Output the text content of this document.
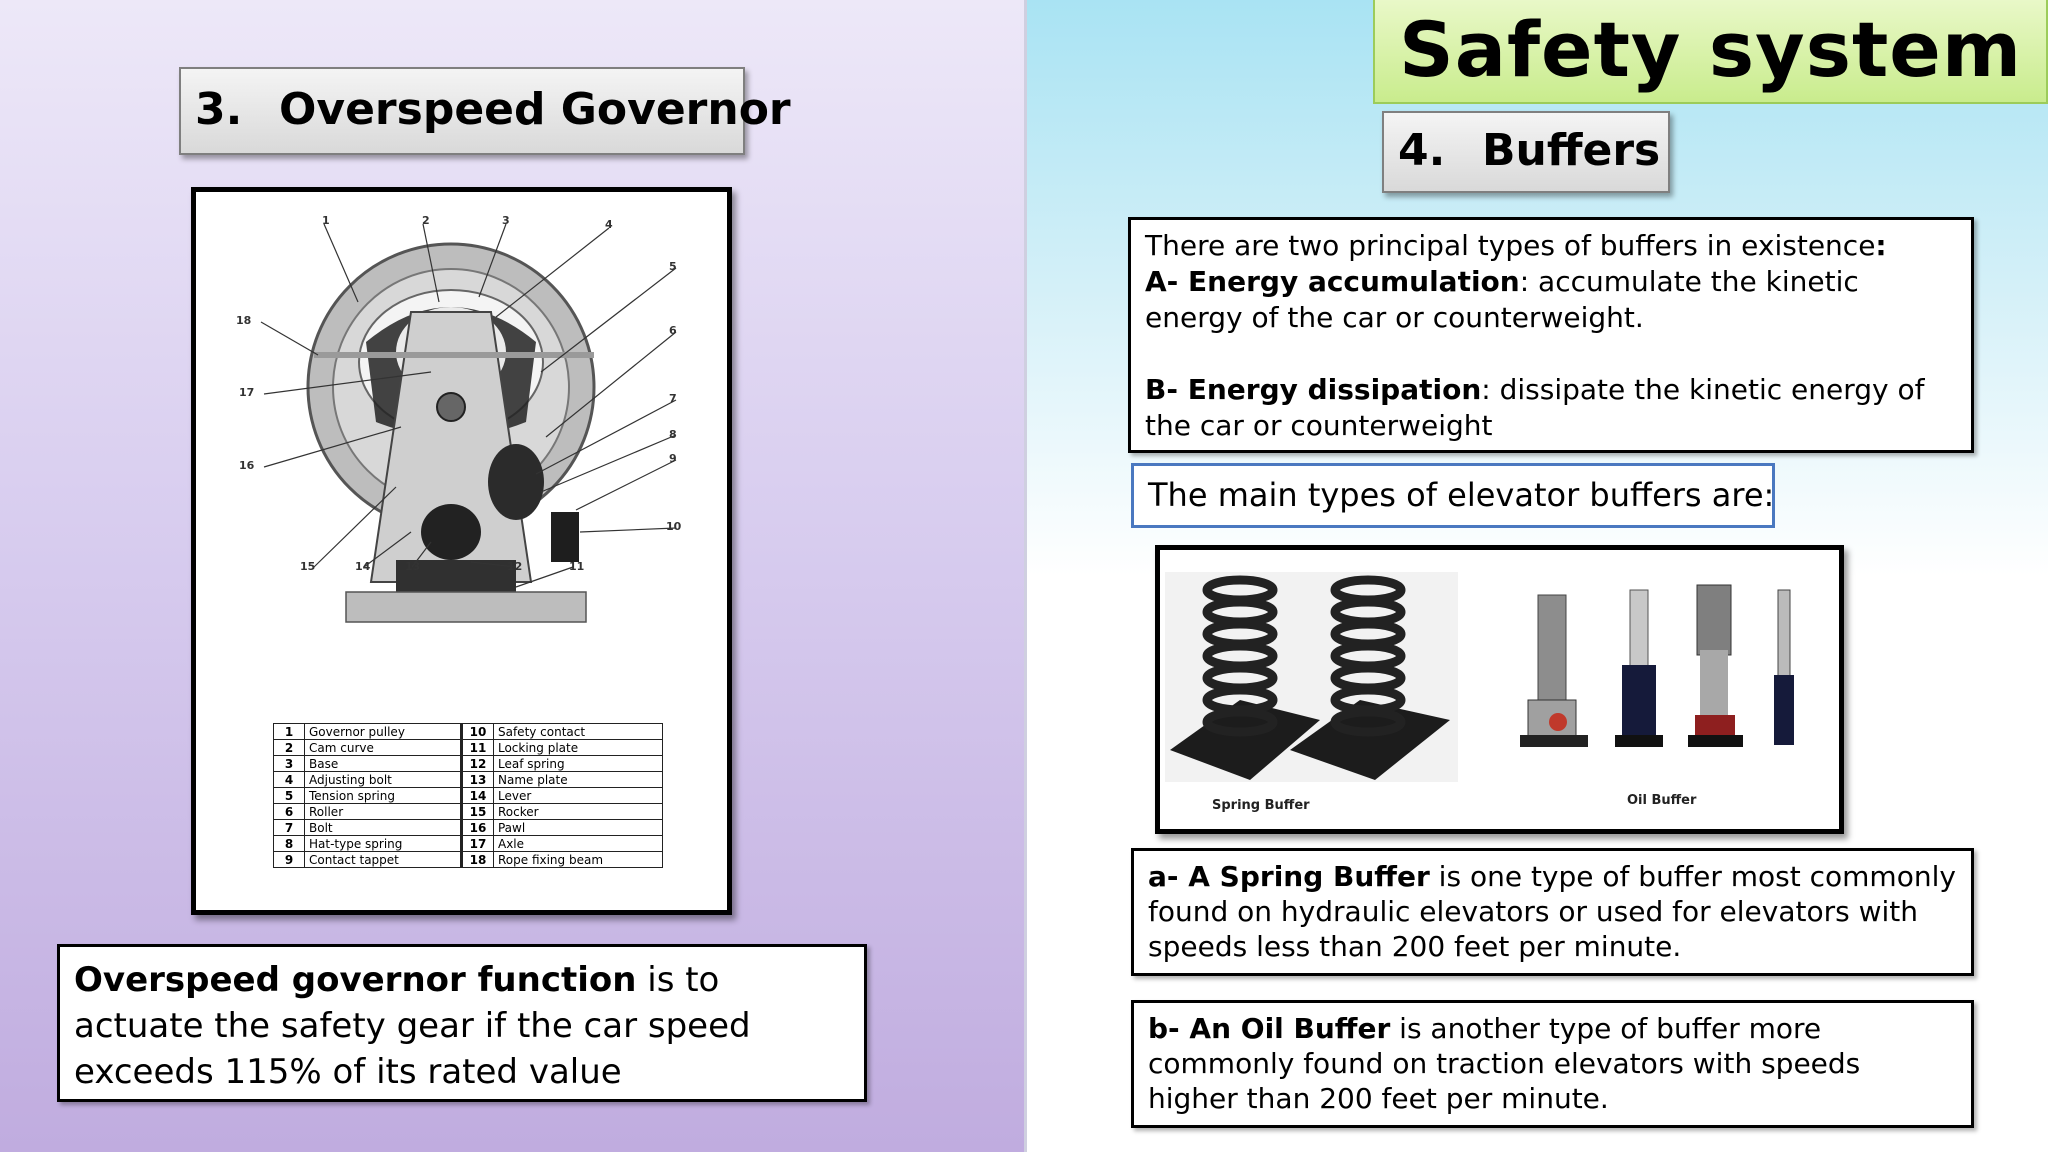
Safety system
3. Overspeed Governor
1	2	3	4
5
6
7
8
9
10
11
12
13
14
15
16
17
18
1	Governor pulley	10	Safety contact
2	Cam curve	11	Locking plate
3	Base	12	Leaf spring
4	Adjusting bolt	13	Name plate
5	Tension spring	14	Lever
6	Roller	15	Rocker
7	Bolt	16	Pawl
8	Hat-type spring	17	Axle
9	Contact tappet	18	Rope fixing beam
Overspeed governor function is to actuate the safety gear if the car speed exceeds 115% of its rated value
4. Buffers

There are two principal types of buffers in existence:

A- Energy accumulation: accumulate the kinetic energy of the car or counterweight.

B- Energy dissipation: dissipate the kinetic energy of the car or counterweight

The main types of elevator buffers are:
Spring Buffer	Oil Buffer
a- A Spring Buffer is one type of buffer most commonly found on hydraulic elevators or used for elevators with speeds less than 200 feet per minute.
b- An Oil Buffer is another type of buffer more commonly found on traction elevators with speeds higher than 200 feet per minute.
